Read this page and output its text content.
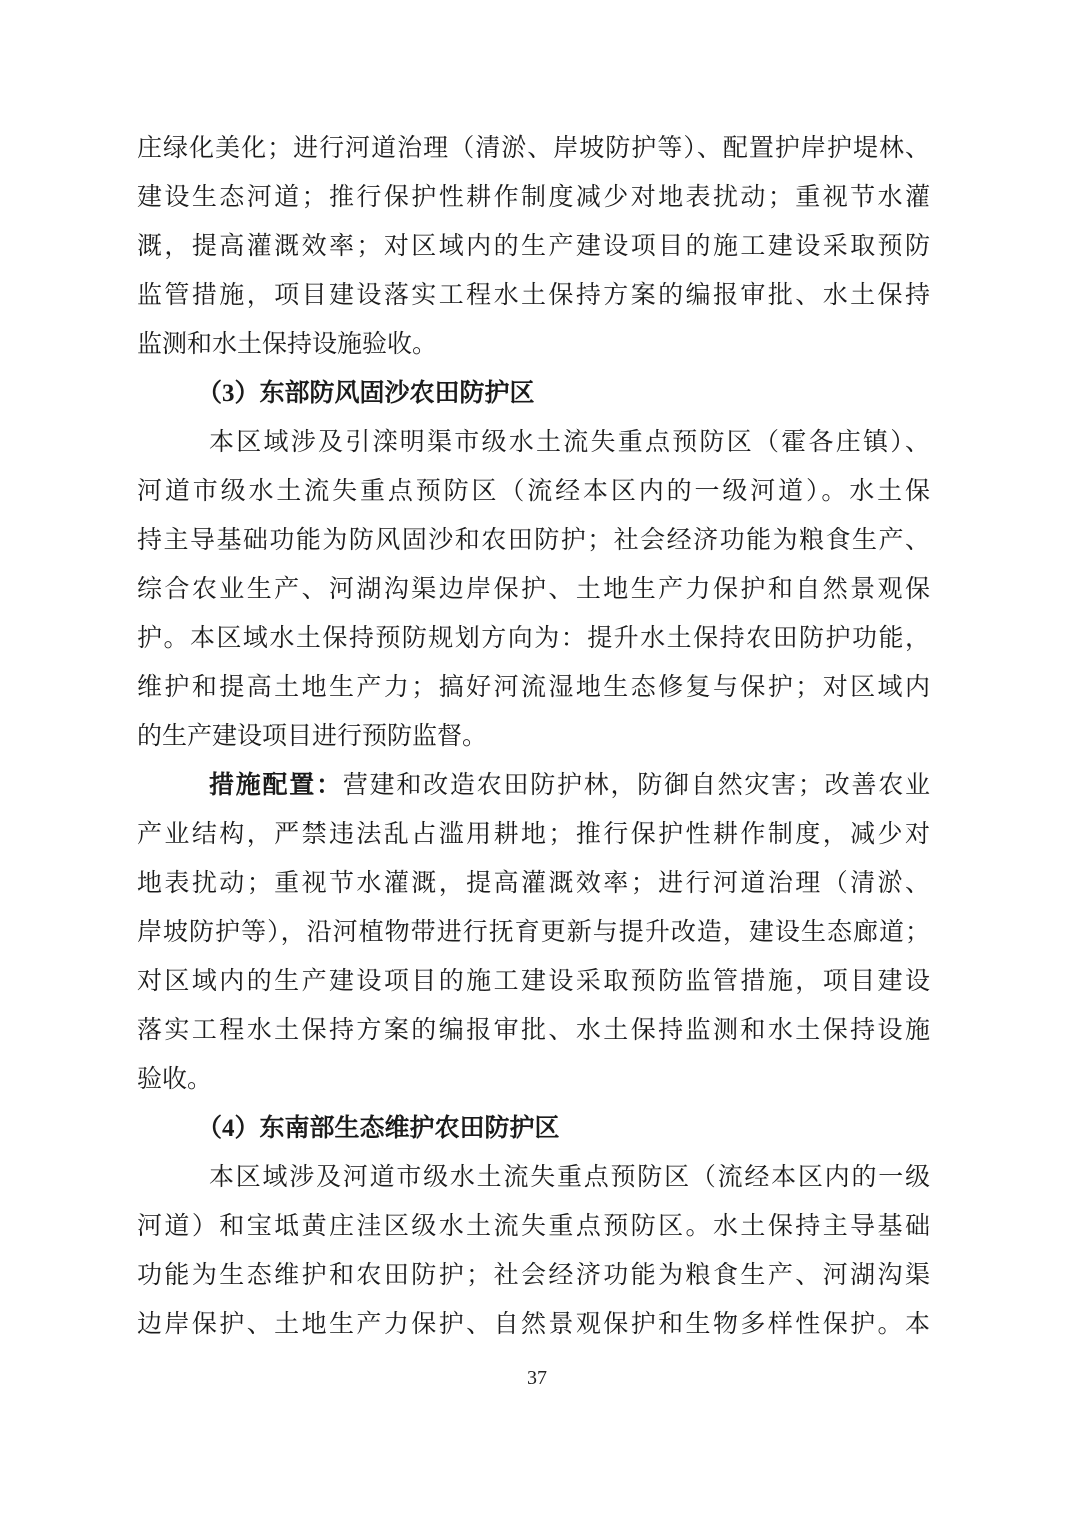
庄绿化美化；进行河道治理（清淤、岸坡防护等）、配置护岸护堤林、
建设生态河道；推行保护性耕作制度减少对地表扰动；重视节水灌
溉，提高灌溉效率；对区域内的生产建设项目的施工建设采取预防
监管措施，项目建设落实工程水土保持方案的编报审批、水土保持
监测和水土保持设施验收。
（3）东部防风固沙农田防护区
本区域涉及引滦明渠市级水土流失重点预防区（霍各庄镇）、
河道市级水土流失重点预防区（流经本区内的一级河道）。水土保
持主导基础功能为防风固沙和农田防护；社会经济功能为粮食生产、
综合农业生产、河湖沟渠边岸保护、土地生产力保护和自然景观保
护。本区域水土保持预防规划方向为：提升水土保持农田防护功能，
维护和提高土地生产力；搞好河流湿地生态修复与保护；对区域内
的生产建设项目进行预防监督。
措施配置：营建和改造农田防护林，防御自然灾害；改善农业
产业结构，严禁违法乱占滥用耕地；推行保护性耕作制度，减少对
地表扰动；重视节水灌溉，提高灌溉效率；进行河道治理（清淤、
岸坡防护等），沿河植物带进行抚育更新与提升改造，建设生态廊道；
对区域内的生产建设项目的施工建设采取预防监管措施，项目建设
落实工程水土保持方案的编报审批、水土保持监测和水土保持设施
验收。
（4）东南部生态维护农田防护区
本区域涉及河道市级水土流失重点预防区（流经本区内的一级
河道）和宝坻黄庄洼区级水土流失重点预防区。水土保持主导基础
功能为生态维护和农田防护；社会经济功能为粮食生产、河湖沟渠
边岸保护、土地生产力保护、自然景观保护和生物多样性保护。本
37
